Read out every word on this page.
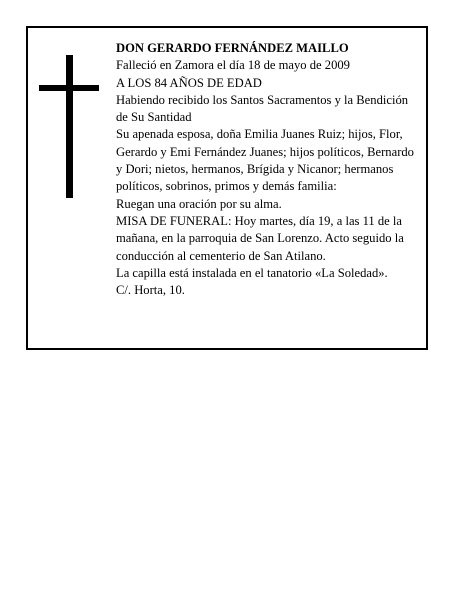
DON GERARDO FERNÁNDEZ MAILLO

Falleció en Zamora el día 18 de mayo de 2009

A LOS 84 AÑOS DE EDAD

Habiendo recibido los Santos Sacramentos y la Bendición de Su Santidad

Su apenada esposa, doña Emilia Juanes Ruiz; hijos, Flor, Gerardo y Emi Fernández Juanes; hijos políticos, Bernardo y Dori; nietos, hermanos, Brígida y Nicanor; hermanos políticos, sobrinos, primos y demás familia:

Ruegan una oración por su alma.

MISA DE FUNERAL: Hoy martes, día 19, a las 11 de la mañana, en la parroquia de San Lorenzo. Acto seguido la conducción al cementerio de San Atilano.

La capilla está instalada en el tanatorio «La Soledad».

C/. Horta, 10.
